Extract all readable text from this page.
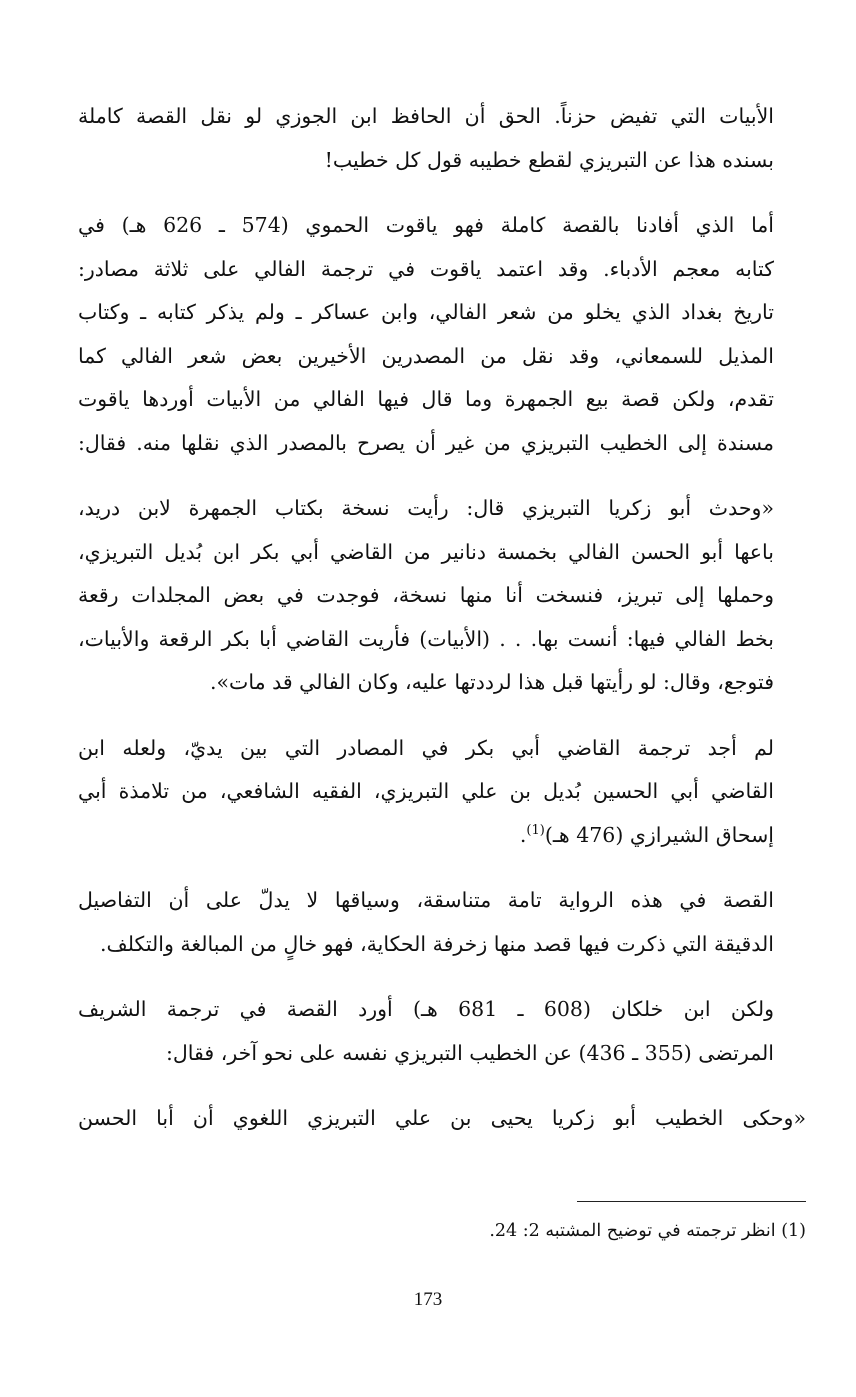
الأبيات التي تفيض حزناً. الحق أن الحافظ ابن الجوزي لو نقل القصة كاملة
بسنده هذا عن التبريزي لقطع خطيبه قول كل خطيب!
أما الذي أفادنا بالقصة كاملة فهو ياقوت الحموي (574 ـ 626 هـ) في
كتابه معجم الأدباء. وقد اعتمد ياقوت في ترجمة الفالي على ثلاثة مصادر:
تاريخ بغداد الذي يخلو من شعر الفالي، وابن عساكر ـ ولم يذكر كتابه ـ وكتاب
المذيل للسمعاني، وقد نقل من المصدرين الأخيرين بعض شعر الفالي كما
تقدم، ولكن قصة بيع الجمهرة وما قال فيها الفالي من الأبيات أوردها ياقوت
مسندة إلى الخطيب التبريزي من غير أن يصرح بالمصدر الذي نقلها منه. فقال:
«وحدث أبو زكريا التبريزي قال: رأيت نسخة بكتاب الجمهرة لابن دريد،
باعها أبو الحسن الفالي بخمسة دنانير من القاضي أبي بكر ابن بُديل التبريزي،
وحملها إلى تبريز، فنسخت أنا منها نسخة، فوجدت في بعض المجلدات رقعة
بخط الفالي فيها: أنست بها. . . (الأبيات) فأريت القاضي أبا بكر الرقعة والأبيات،
فتوجع، وقال: لو رأيتها قبل هذا لرددتها عليه، وكان الفالي قد مات».
لم أجد ترجمة القاضي أبي بكر في المصادر التي بين يديّ، ولعله ابن
القاضي أبي الحسين بُديل بن علي التبريزي، الفقيه الشافعي، من تلامذة أبي
إسحاق الشيرازي (476 هـ)$^{(1)}$.
القصة في هذه الرواية تامة متناسقة، وسياقها لا يدلّ على أن التفاصيل
الدقيقة التي ذكرت فيها قصد منها زخرفة الحكاية، فهو خالٍ من المبالغة والتكلف.
ولكن ابن خلكان (608 ـ 681 هـ) أورد القصة في ترجمة الشريف
المرتضى (355 ـ 436) عن الخطيب التبريزي نفسه على نحو آخر، فقال:
«وحكى الخطيب أبو زكريا يحيى بن علي التبريزي اللغوي أن أبا الحسن
(1) انظر ترجمته في توضيح المشتبه 2: 24.
173
